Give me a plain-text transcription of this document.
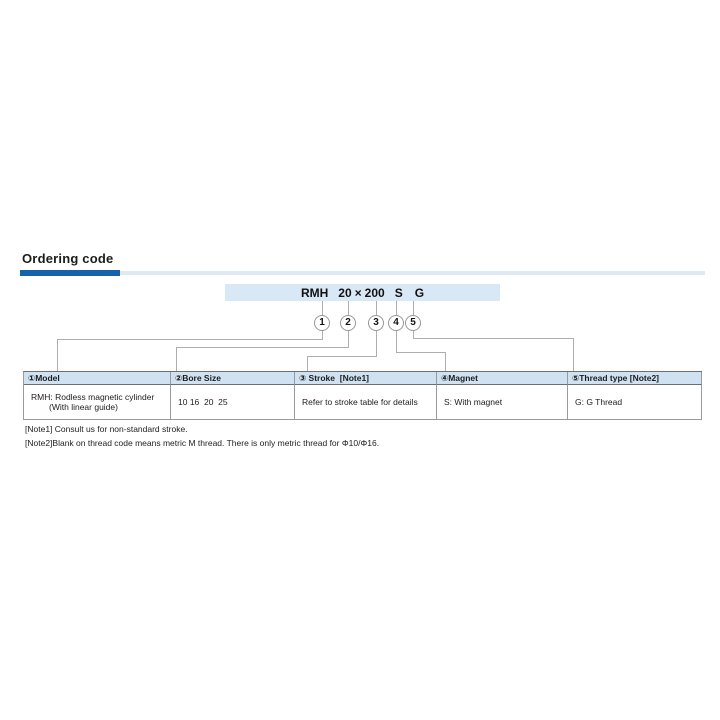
Ordering code
RMH 20 × 200 S G
1	2	3	4	5
①Model	②Bore Size	③ Stroke  [Note1]	④Magnet	⑤Thread type [Note2]
RMH: Rodless magnetic cylinder
(With linear guide)	10 16  20  25	Refer to stroke table for details	S: With magnet	G: G Thread
[Note1] Consult us for non-standard stroke.
[Note2]Blank on thread code means metric M thread. There is only metric thread for Φ10/Φ16.
